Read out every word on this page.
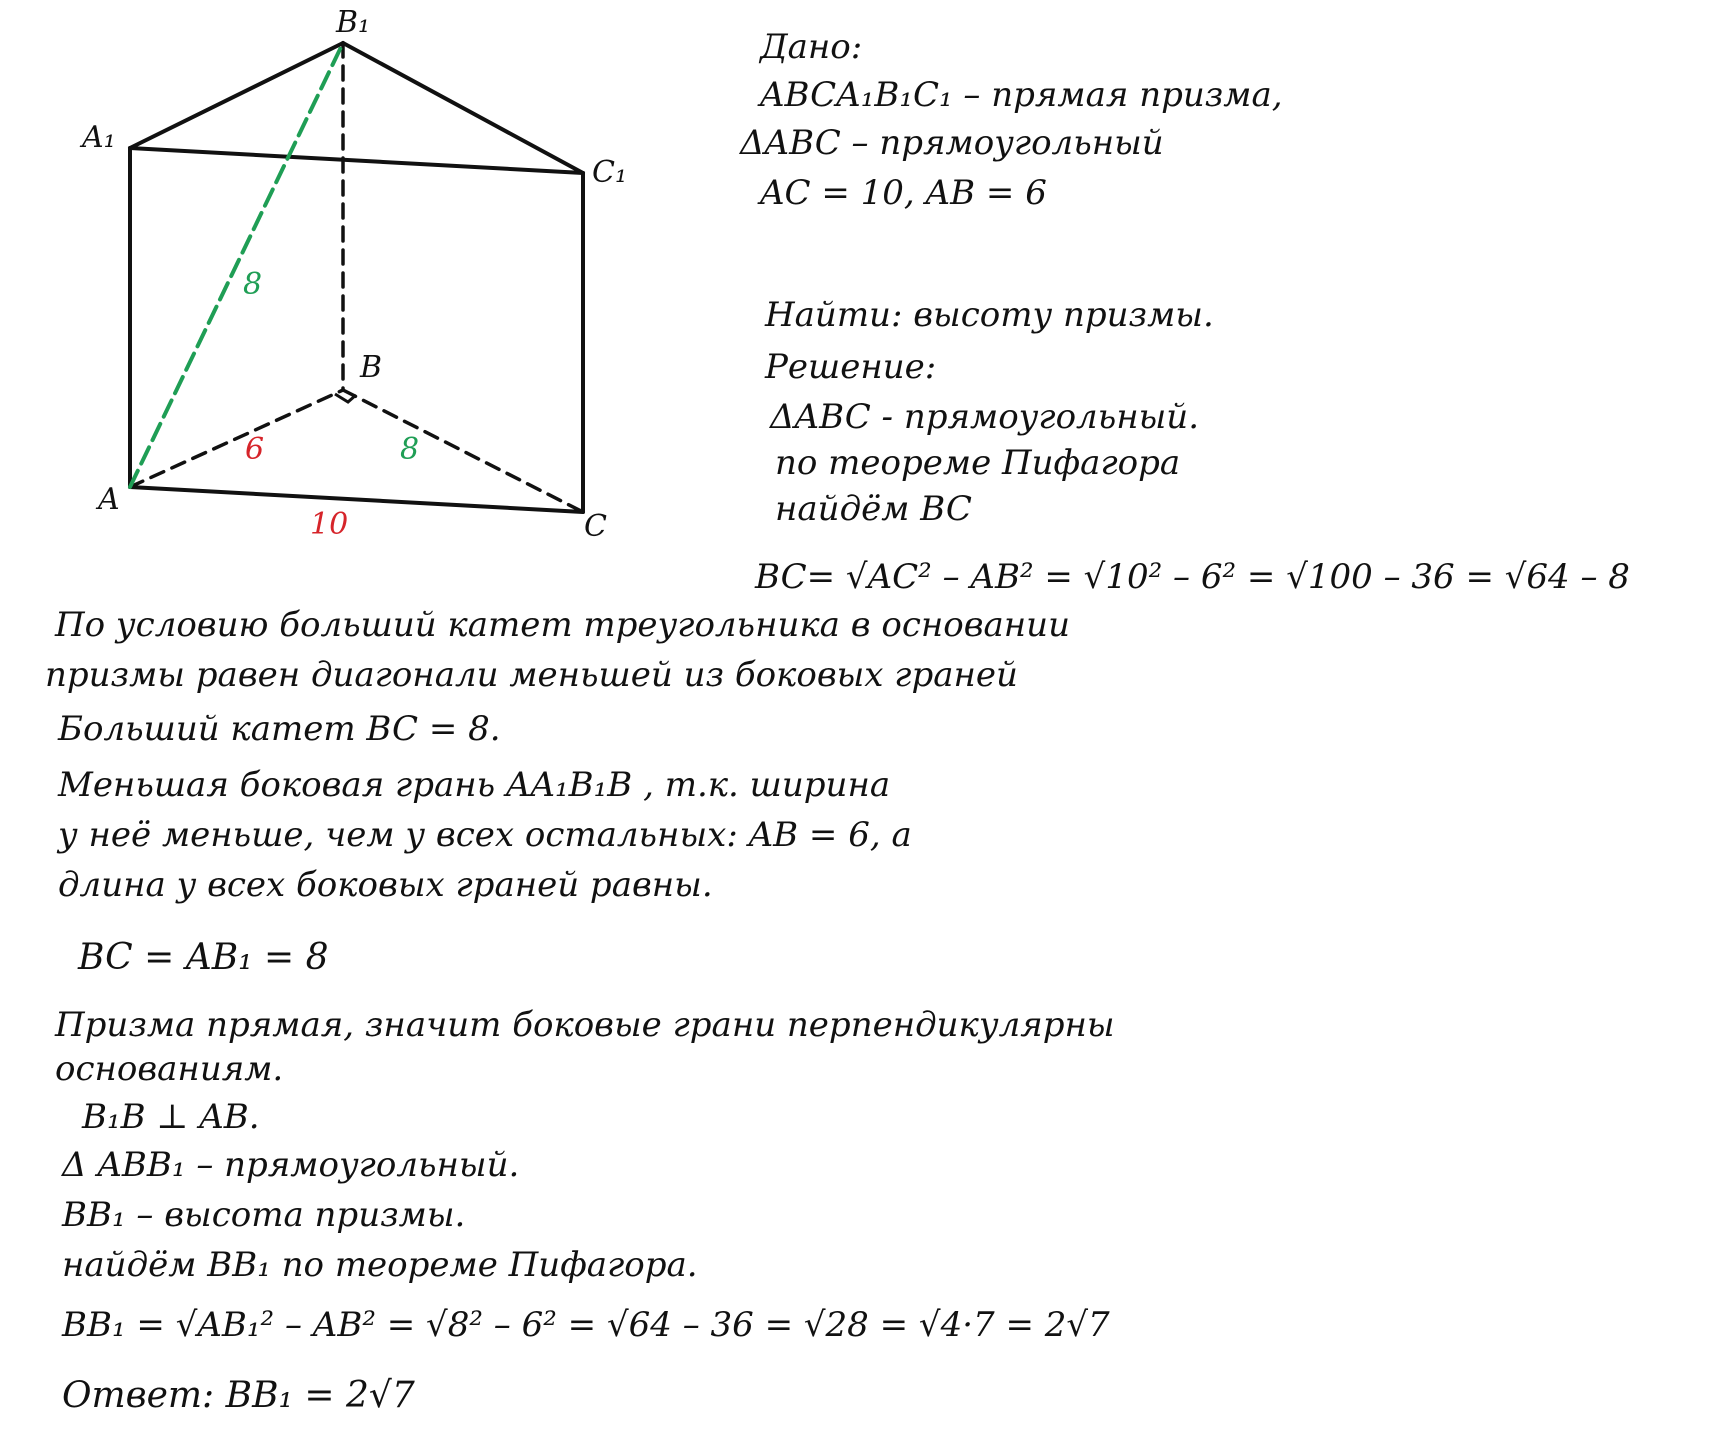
B₁
A₁
C₁
B
A
C
8
6	8
10
Дано:
ABCA₁B₁C₁ – прямая призма,
ΔABC – прямоугольный
AC = 10, AB = 6
Найти: высоту призмы.
Решение:
ΔABC - прямоугольный.
по теореме Пифагора
найдём BC
BC= √AC² – AB² = √10² – 6² = √100 – 36 = √64 – 8
По условию больший катет треугольника в основании
призмы равен диагонали меньшей из боковых граней
Больший катет BC = 8.
Меньшая боковая грань AA₁B₁B , т.к. ширина
у неё меньше, чем у всех остальных: AB = 6, а
длина у всех боковых граней равны.
BC = AB₁ = 8
Призма прямая, значит боковые грани перпендикулярны
основаниям.
B₁B ⊥ AB.
Δ ABB₁ – прямоугольный.
BB₁ – высота призмы.
найдём BB₁ по теореме Пифагора.
BB₁ = √AB₁² – AB² = √8² – 6² = √64 – 36 = √28 = √4·7 = 2√7
Ответ: BB₁ = 2√7
